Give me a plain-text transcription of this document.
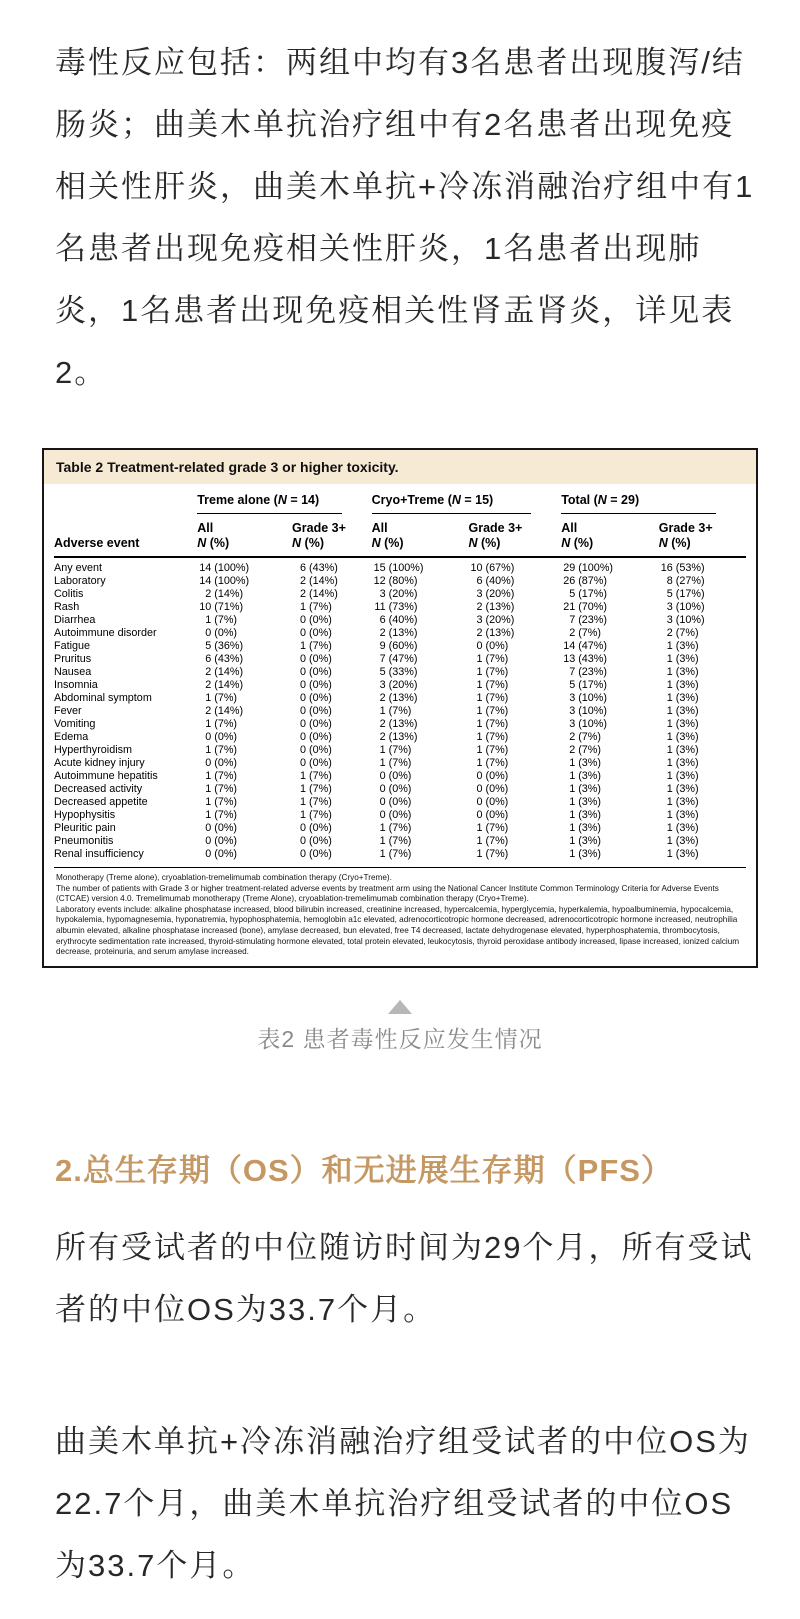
毒性反应包括：两组中均有3名患者出现腹泻/结肠炎；曲美木单抗治疗组中有2名患者出现免疫相关性肝炎，曲美木单抗+冷冻消融治疗组中有1名患者出现免疫相关性肝炎，1名患者出现肺炎，1名患者出现免疫相关性肾盂肾炎，详见表2。

Table 2 Treatment-related grade 3 or higher toxicity.

	Treme alone (N = 14)		Cryo+Treme (N = 15)		Total (N = 29)	

	All	Grade 3+	All	Grade 3+	All	Grade 3+
Adverse event	N (%)	N (%)	N (%)	N (%)	N (%)	N (%)
Any event	14 (100%)	6 (43%)	15 (100%)	10 (67%)	29 (100%)	16 (53%)
Laboratory	14 (100%)	2 (14%)	12 (80%)	6 (40%)	26 (87%)	8 (27%)
Colitis	2 (14%)	2 (14%)	3 (20%)	3 (20%)	5 (17%)	5 (17%)
Rash	10 (71%)	1 (7%)	11 (73%)	2 (13%)	21 (70%)	3 (10%)
Diarrhea	1 (7%)	0 (0%)	6 (40%)	3 (20%)	7 (23%)	3 (10%)
Autoimmune disorder	0 (0%)	0 (0%)	2 (13%)	2 (13%)	2 (7%)	2 (7%)
Fatigue	5 (36%)	1 (7%)	9 (60%)	0 (0%)	14 (47%)	1 (3%)
Pruritus	6 (43%)	0 (0%)	7 (47%)	1 (7%)	13 (43%)	1 (3%)
Nausea	2 (14%)	0 (0%)	5 (33%)	1 (7%)	7 (23%)	1 (3%)
Insomnia	2 (14%)	0 (0%)	3 (20%)	1 (7%)	5 (17%)	1 (3%)
Abdominal symptom	1 (7%)	0 (0%)	2 (13%)	1 (7%)	3 (10%)	1 (3%)
Fever	2 (14%)	0 (0%)	1 (7%)	1 (7%)	3 (10%)	1 (3%)
Vomiting	1 (7%)	0 (0%)	2 (13%)	1 (7%)	3 (10%)	1 (3%)
Edema	0 (0%)	0 (0%)	2 (13%)	1 (7%)	2 (7%)	1 (3%)
Hyperthyroidism	1 (7%)	0 (0%)	1 (7%)	1 (7%)	2 (7%)	1 (3%)
Acute kidney injury	0 (0%)	0 (0%)	1 (7%)	1 (7%)	1 (3%)	1 (3%)
Autoimmune hepatitis	1 (7%)	1 (7%)	0 (0%)	0 (0%)	1 (3%)	1 (3%)
Decreased activity	1 (7%)	1 (7%)	0 (0%)	0 (0%)	1 (3%)	1 (3%)
Decreased appetite	1 (7%)	1 (7%)	0 (0%)	0 (0%)	1 (3%)	1 (3%)
Hypophysitis	1 (7%)	1 (7%)	0 (0%)	0 (0%)	1 (3%)	1 (3%)
Pleuritic pain	0 (0%)	0 (0%)	1 (7%)	1 (7%)	1 (3%)	1 (3%)
Pneumonitis	0 (0%)	0 (0%)	1 (7%)	1 (7%)	1 (3%)	1 (3%)
Renal insufficiency	0 (0%)	0 (0%)	1 (7%)	1 (7%)	1 (3%)	1 (3%)

Monotherapy (Treme alone), cryoablation-tremelimumab combination therapy (Cryo+Treme).

The number of patients with Grade 3 or higher treatment-related adverse events by treatment arm using the National Cancer Institute Common Terminology Criteria for Adverse Events (CTCAE) version 4.0. Tremelimumab monotherapy (Treme Alone), cryoablation-tremelimumab combination therapy (Cryo+Treme).

Laboratory events include: alkaline phosphatase increased, blood bilirubin increased, creatinine increased, hypercalcemia, hyperglycemia, hyperkalemia, hypoalbuminemia, hypocalcemia, hypokalemia, hypomagnesemia, hyponatremia, hypophosphatemia, hemoglobin a1c elevated, adrenocorticotropic hormone decreased, adrenocorticotropic hormone increased, neutrophilia albumin elevated, alkaline phosphatase increased (bone), amylase decreased, bun elevated, free T4 decreased, lactate dehydrogenase elevated, hyperphosphatemia, thrombocytosis, erythrocyte sedimentation rate increased, thyroid-stimulating hormone elevated, total protein elevated, leukocytosis, thyroid peroxidase antibody increased, lipase increased, ionized calcium decrease, proteinuria, and serum amylase increased.

表2 患者毒性反应发生情况
2.总生存期（OS）和无进展生存期（PFS）

所有受试者的中位随访时间为29个月，所有受试者的中位OS为33.7个月。

曲美木单抗+冷冻消融治疗组受试者的中位OS为22.7个月，曲美木单抗治疗组受试者的中位OS为33.7个月。
